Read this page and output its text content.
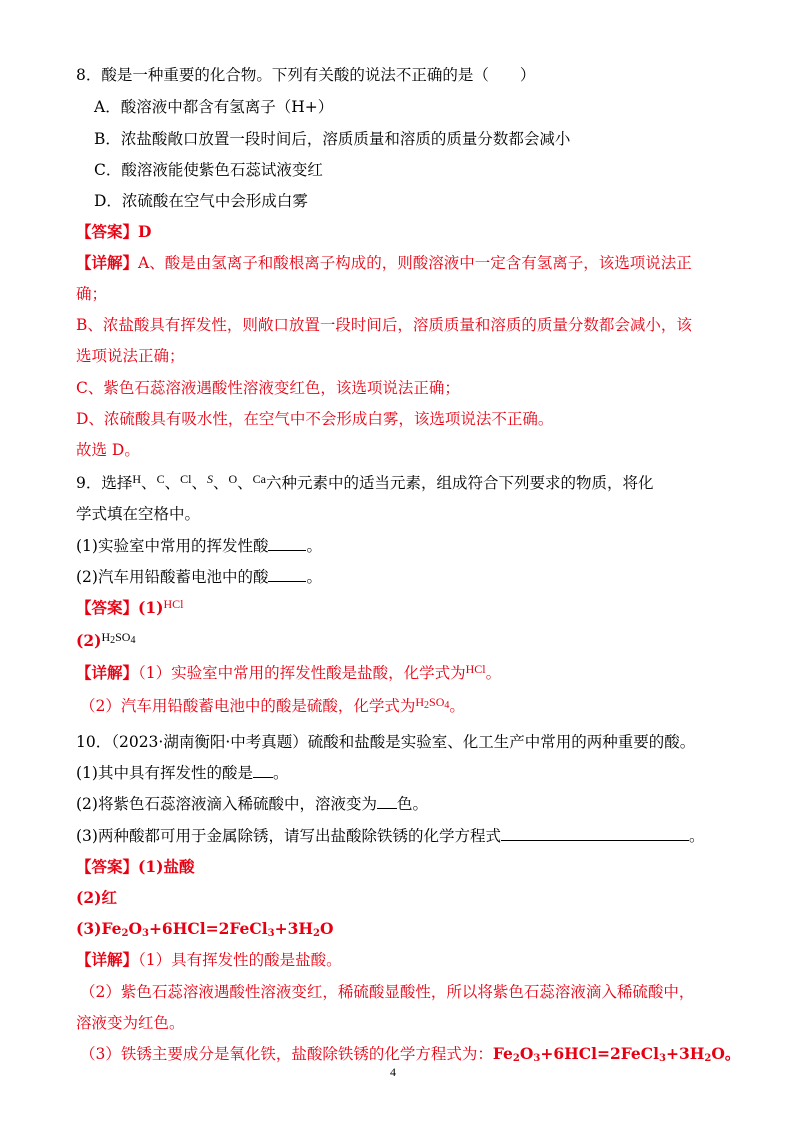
8．酸是一种重要的化合物。下列有关酸的说法不正确的是（　　）
A．酸溶液中都含有氢离子（H+）
B．浓盐酸敞口放置一段时间后，溶质质量和溶质的质量分数都会减小
C．酸溶液能使紫色石蕊试液变红
D．浓硫酸在空气中会形成白雾
【答案】D
【详解】A、酸是由氢离子和酸根离子构成的，则酸溶液中一定含有氢离子，该选项说法正
确；
B、浓盐酸具有挥发性，则敞口放置一段时间后，溶质质量和溶质的质量分数都会减小，该
选项说法正确；
C、紫色石蕊溶液遇酸性溶液变红色，该选项说法正确；
D、浓硫酸具有吸水性，在空气中不会形成白雾，该选项说法不正确。
故选 D。
9．选择$^H$、$^C$、$^{Cl}$、$^S$、$^O$、$^{Ca}$六种元素中的适当元素，组成符合下列要求的物质，将化
学式填在空格中。
(1)实验室中常用的挥发性酸 。
(2)汽车用铅酸蓄电池中的酸 。
【答案】$(1)^{HCl}$
$(2)^{H_2SO_4}$
【详解】（1）实验室中常用的挥发性酸是盐酸，化学式为$^{HCl}$。
（2）汽车用铅酸蓄电池中的酸是硫酸，化学式为$^{H_2SO_4}$。
10．（2023·湖南衡阳·中考真题）硫酸和盐酸是实验室、化工生产中常用的两种重要的酸。
(1)其中具有挥发性的酸是 。
(2)将紫色石蕊溶液滴入稀硫酸中，溶液变为 色。
(3)两种酸都可用于金属除锈，请写出盐酸除铁锈的化学方程式	。
【答案】(1)盐酸
(2)红
$(3)Fe_2O_3+6HCl=2FeCl_3+3H_2O$
【详解】（1）具有挥发性的酸是盐酸。
（2）紫色石蕊溶液遇酸性溶液变红，稀硫酸显酸性，所以将紫色石蕊溶液滴入稀硫酸中，
溶液变为红色。
（3）铁锈主要成分是氧化铁，盐酸除铁锈的化学方程式为：$Fe_2O_3+6HCl=2FeCl_3+3H_2O$。
4
